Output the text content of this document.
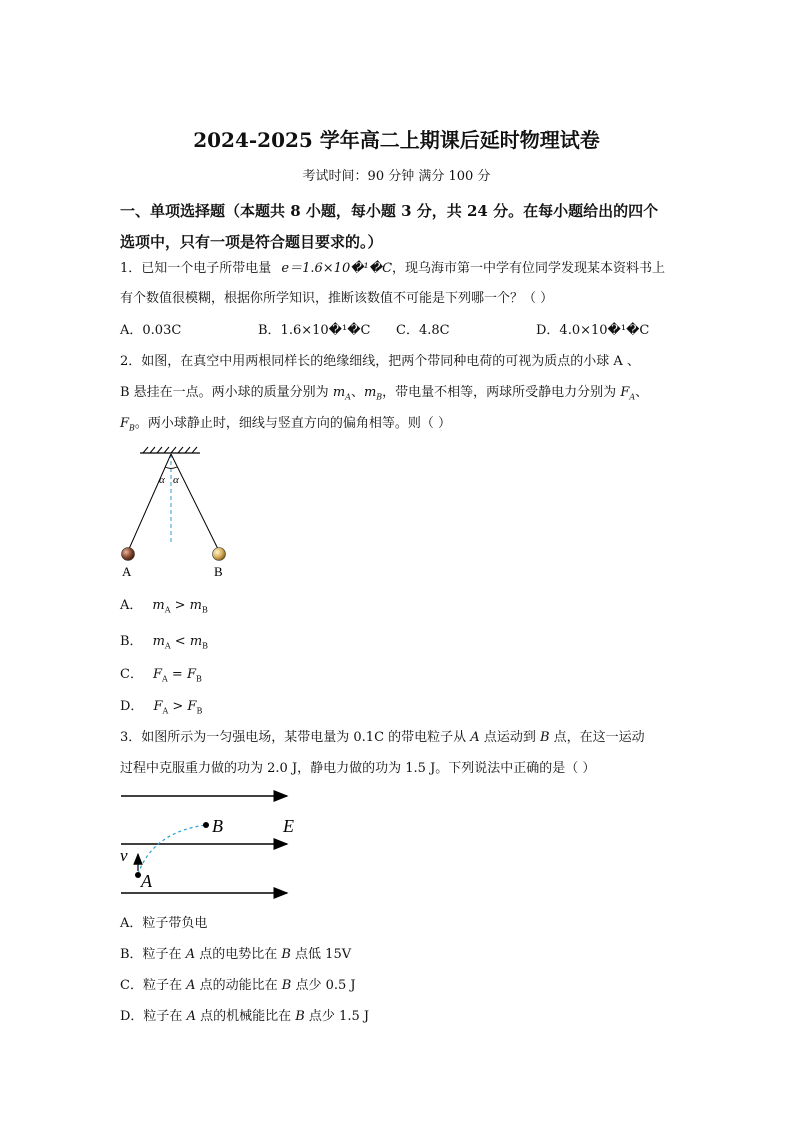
2024-2025 学年高二上期课后延时物理试卷
考试时间：90 分钟 满分 100 分
一、单项选择题（本题共 8 小题，每小题 3 分，共 24 分。在每小题给出的四个
选项中，只有一项是符合题目要求的。）
1．已知一个电子所带电量 e＝1.6×10�¹�C，现乌海市第一中学有位同学发现某本资料书上
有个数值很模糊，根据你所学知识，推断该数值不可能是下列哪一个？（ ）
A．0.03C	B．1.6×10�¹�C C．4.8C	D．4.0×10�¹�C
2．如图，在真空中用两根同样长的绝缘细线，把两个带同种电荷的可视为质点的小球 A 、
B 悬挂在一点。两小球的质量分别为 $m_A$、$m_B$，带电量不相等，两球所受静电力分别为 $F_A$、
$F_B$。两小球静止时，细线与竖直方向的偏角相等。则（ ）
α α
A	B
A． $m_A > m_B$
B． $m_A < m_B$
C． $F_A = F_B$
D． $F_A > F_B$
3．如图所示为一匀强电场，某带电量为 0.1C 的带电粒子从 A 点运动到 B 点，在这一运动
过程中克服重力做的功为 2.0 J，静电力做的功为 1.5 J。下列说法中正确的是（ ）
B	E
v
A
A．粒子带负电
B．粒子在 A 点的电势比在 B 点低 15V
C．粒子在 A 点的动能比在 B 点少 0.5 J
D．粒子在 A 点的机械能比在 B 点少 1.5 J
